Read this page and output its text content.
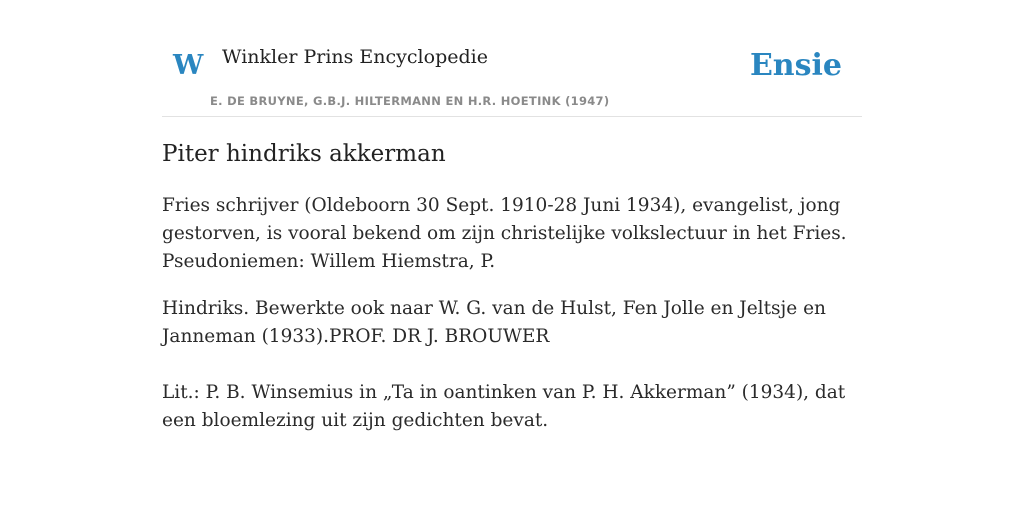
W Winkler Prins Encyclopedie
E. DE BRUYNE, G.B.J. HILTERMANN EN H.R. HOETINK (1947)
Ensie
Piter hindriks akkerman

Fries schrijver (Oldeboorn 30 Sept. 1910-28 Juni 1934), evangelist, jong gestorven, is vooral bekend om zijn christelijke volkslectuur in het Fries. Pseudoniemen: Willem Hiemstra, P.

Hindriks. Bewerkte ook naar W. G. van de Hulst, Fen Jolle en Jeltsje en Janneman (1933).PROF. DR J. BROUWER

Lit.: P. B. Winsemius in „Ta in oantinken van P. H. Akkerman” (1934), dat een bloemlezing uit zijn gedichten bevat.
